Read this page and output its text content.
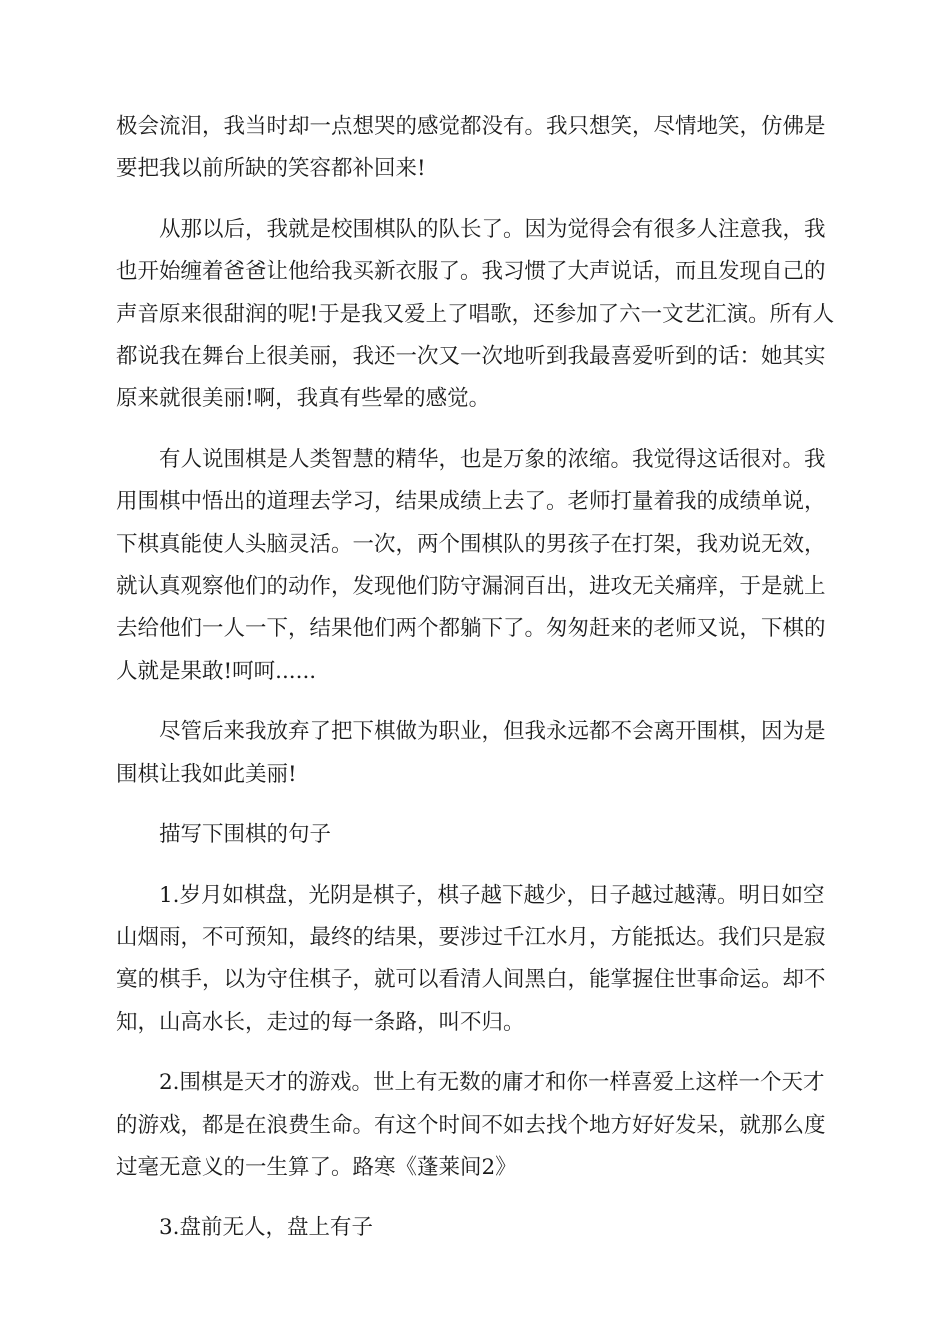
极会流泪，我当时却一点想哭的感觉都没有。我只想笑，尽情地笑，仿佛是要把我以前所缺的笑容都补回来!

从那以后，我就是校围棋队的队长了。因为觉得会有很多人注意我，我也开始缠着爸爸让他给我买新衣服了。我习惯了大声说话，而且发现自己的声音原来很甜润的呢!于是我又爱上了唱歌，还参加了六一文艺汇演。所有人都说我在舞台上很美丽，我还一次又一次地听到我最喜爱听到的话：她其实原来就很美丽!啊，我真有些晕的感觉。

有人说围棋是人类智慧的精华，也是万象的浓缩。我觉得这话很对。我用围棋中悟出的道理去学习，结果成绩上去了。老师打量着我的成绩单说，下棋真能使人头脑灵活。一次，两个围棋队的男孩子在打架，我劝说无效，就认真观察他们的动作，发现他们防守漏洞百出，进攻无关痛痒，于是就上去给他们一人一下，结果他们两个都躺下了。匆匆赶来的老师又说，下棋的人就是果敢!呵呵......

尽管后来我放弃了把下棋做为职业，但我永远都不会离开围棋，因为是围棋让我如此美丽!

描写下围棋的句子

1.岁月如棋盘，光阴是棋子，棋子越下越少，日子越过越薄。明日如空山烟雨，不可预知，最终的结果，要涉过千江水月，方能抵达。我们只是寂寞的棋手，以为守住棋子，就可以看清人间黑白，能掌握住世事命运。却不知，山高水长，走过的每一条路，叫不归。

2.围棋是天才的游戏。世上有无数的庸才和你一样喜爱上这样一个天才的游戏，都是在浪费生命。有这个时间不如去找个地方好好发呆，就那么度过毫无意义的一生算了。路寒《蓬莱间2》

3.盘前无人，盘上有子
